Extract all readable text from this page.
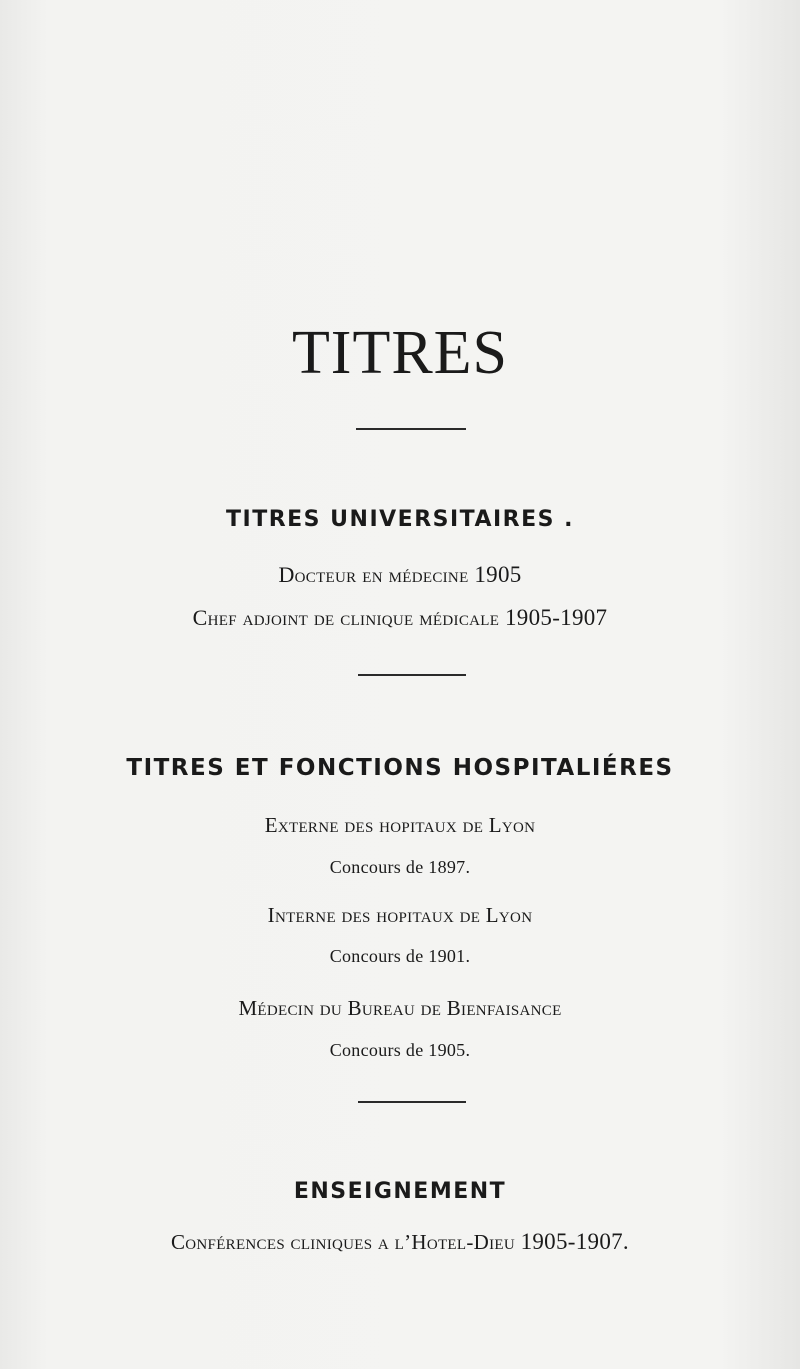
TITRES
TITRES UNIVERSITAIRES .
Docteur en médecine 1905
Chef adjoint de clinique médicale 1905-1907
TITRES ET FONCTIONS HOSPITALIÉRES
Externe des hopitaux de Lyon
Concours de 1897.
Interne des hopitaux de Lyon
Concours de 1901.
Médecin du Bureau de Bienfaisance
Concours de 1905.
ENSEIGNEMENT
Conférences cliniques a l’Hotel-Dieu 1905-1907.
